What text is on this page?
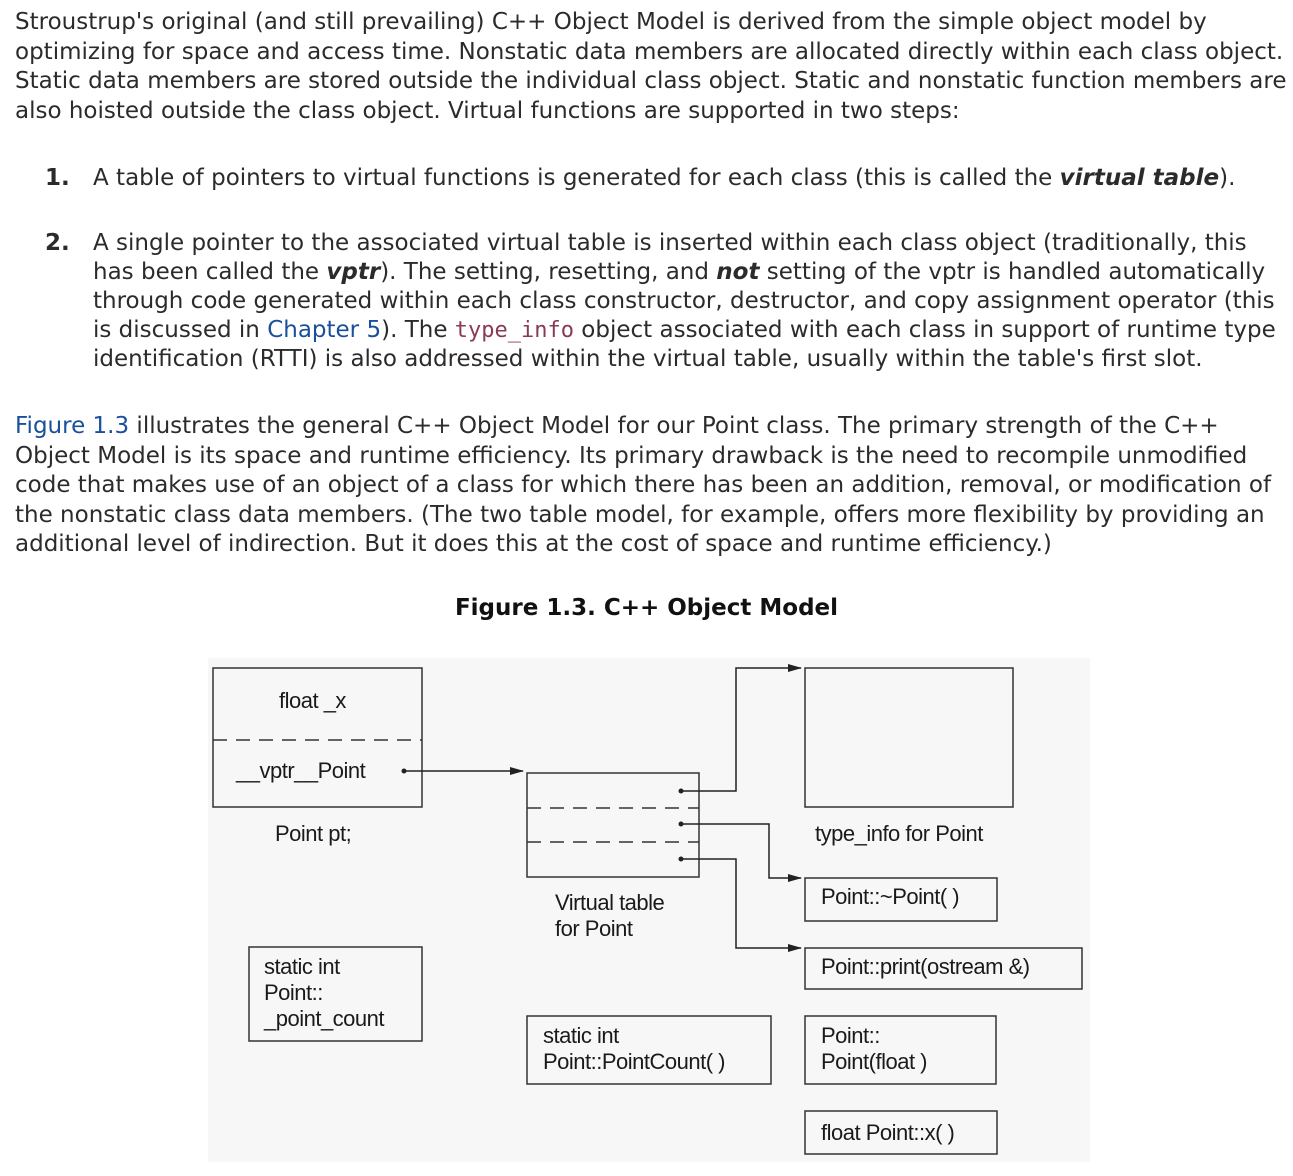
Stroustrup's original (and still prevailing) C++ Object Model is derived from the simple object model by optimizing for space and access time. Nonstatic data members are allocated directly within each class object. Static data members are stored outside the individual class object. Static and nonstatic function members are also hoisted outside the class object. Virtual functions are supported in two steps:

1. A table of pointers to virtual functions is generated for each class (this is called the virtual table).
2. A single pointer to the associated virtual table is inserted within each class object (traditionally, this has been called the vptr). The setting, resetting, and not setting of the vptr is handled automatically through code generated within each class constructor, destructor, and copy assignment operator (this is discussed in Chapter 5). The type_info object associated with each class in support of runtime type identification (RTTI) is also addressed within the virtual table, usually within the table's first slot.

Figure 1.3 illustrates the general C++ Object Model for our Point class. The primary strength of the C++ Object Model is its space and runtime efficiency. Its primary drawback is the need to recompile unmodified code that makes use of an object of a class for which there has been an addition, removal, or modification of the nonstatic class data members. (The two table model, for example, offers more flexibility by providing an additional level of indirection. But it does this at the cost of space and runtime efficiency.)

Figure 1.3. C++ Object Model

float _x
__vptr__Point
Point pt;
static int
Point::
_point_count
Virtual table
for Point
static int
Point::PointCount( )
type_info for Point
Point::~Point( )
Point::print(ostream &)
Point::
Point(float )
float Point::x( )
